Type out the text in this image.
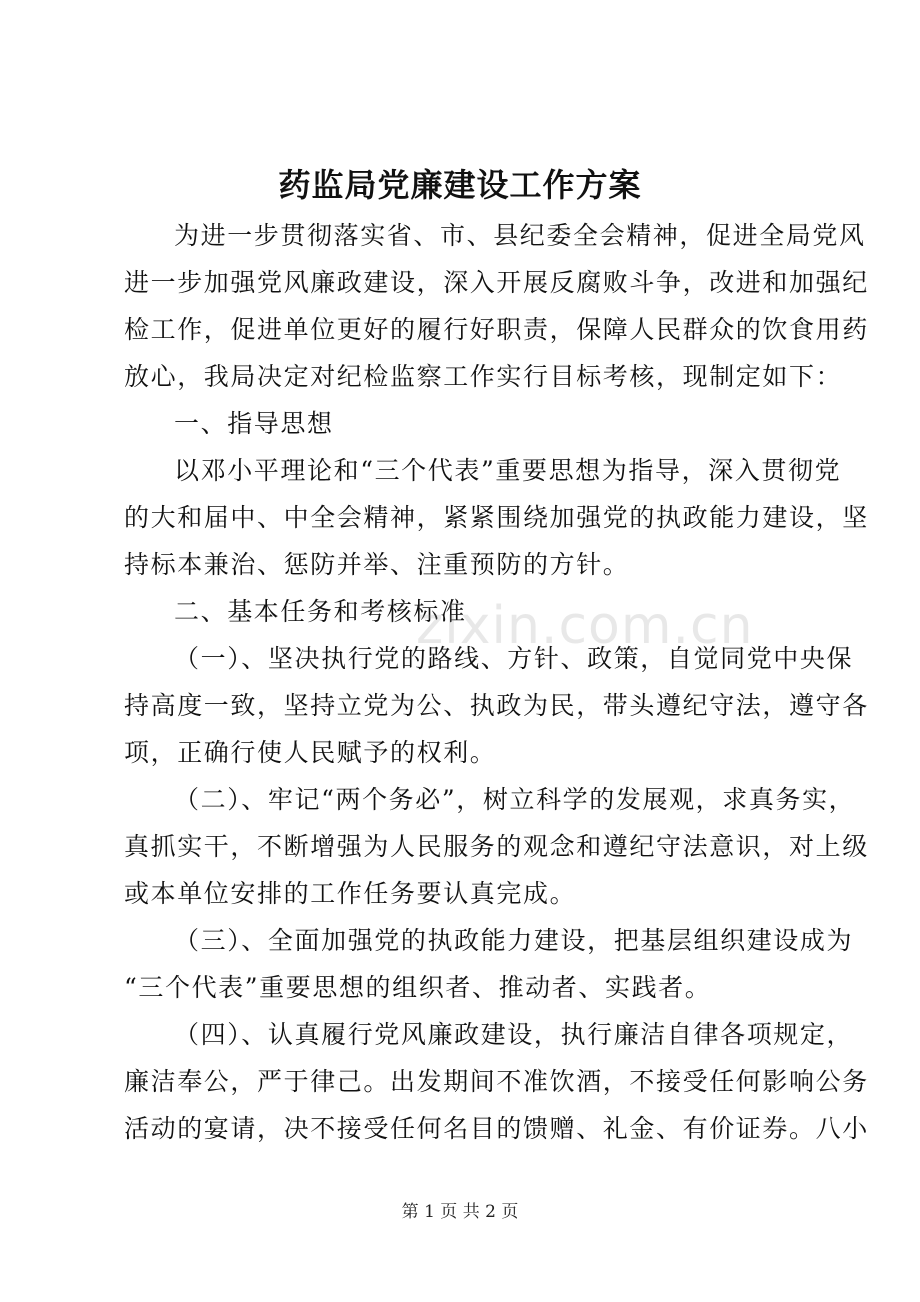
药监局党廉建设工作方案
为进一步贯彻落实省、市、县纪委全会精神，促进全局党风
进一步加强党风廉政建设，深入开展反腐败斗争，改进和加强纪
检工作，促进单位更好的履行好职责，保障人民群众的饮食用药
放心，我局决定对纪检监察工作实行目标考核，现制定如下：
一、指导思想
以邓小平理论和“三个代表”重要思想为指导，深入贯彻党
的大和届中、中全会精神，紧紧围绕加强党的执政能力建设，坚
持标本兼治、惩防并举、注重预防的方针。
二、基本任务和考核标准
（一）、坚决执行党的路线、方针、政策，自觉同党中央保
持高度一致，坚持立党为公、执政为民，带头遵纪守法，遵守各
项，正确行使人民赋予的权利。
（二）、牢记“两个务必”，树立科学的发展观，求真务实，
真抓实干，不断增强为人民服务的观念和遵纪守法意识，对上级
或本单位安排的工作任务要认真完成。
（三）、全面加强党的执政能力建设，把基层组织建设成为
“三个代表”重要思想的组织者、推动者、实践者。
（四）、认真履行党风廉政建设，执行廉洁自律各项规定，
廉洁奉公，严于律己。出发期间不准饮酒，不接受任何影响公务
活动的宴请，决不接受任何名目的馈赠、礼金、有价证券。八小
zixin.com.cn
第 1 页 共 2 页
